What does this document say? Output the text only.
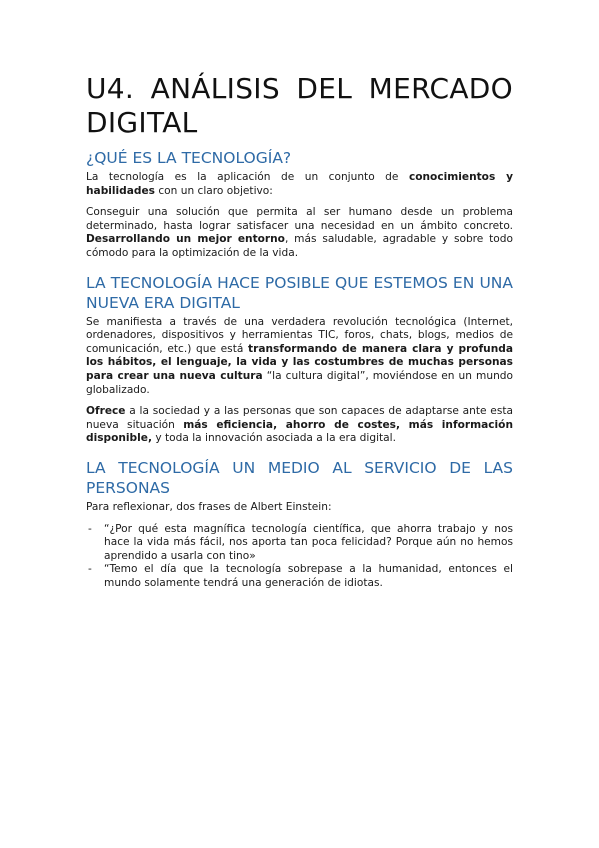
U4. ANÁLISIS DEL MERCADO
DIGITAL
¿QUÉ ES LA TECNOLOGÍA?

La tecnología es la aplicación de un conjunto de conocimientos y habilidades con un claro objetivo:

Conseguir una solución que permita al ser humano desde un problema determinado, hasta lograr satisfacer una necesidad en un ámbito concreto. Desarrollando un mejor entorno, más saludable, agradable y sobre todo cómodo para la optimización de la vida.

LA TECNOLOGÍA HACE POSIBLE QUE ESTEMOS EN UNA NUEVA ERA DIGITAL

Se manifiesta a través de una verdadera revolución tecnológica (Internet, ordenadores, dispositivos y herramientas TIC, foros, chats, blogs, medios de comunicación, etc.) que está transformando de manera clara y profunda los hábitos, el lenguaje, la vida y las costumbres de muchas personas para crear una nueva cultura “la cultura digital”, moviéndose en un mundo globalizado.

Ofrece a la sociedad y a las personas que son capaces de adaptarse ante esta nueva situación más eficiencia, ahorro de costes, más información disponible, y toda la innovación asociada a la era digital.

LA TECNOLOGÍA UN MEDIO AL SERVICIO DE LAS PERSONAS

Para reflexionar, dos frases de Albert Einstein:

- “¿Por qué esta magnífica tecnología científica, que ahorra trabajo y nos hace la vida más fácil, nos aporta tan poca felicidad? Porque aún no hemos aprendido a usarla con tino»
- “Temo el día que la tecnología sobrepase a la humanidad, entonces el mundo solamente tendrá una generación de idiotas.
